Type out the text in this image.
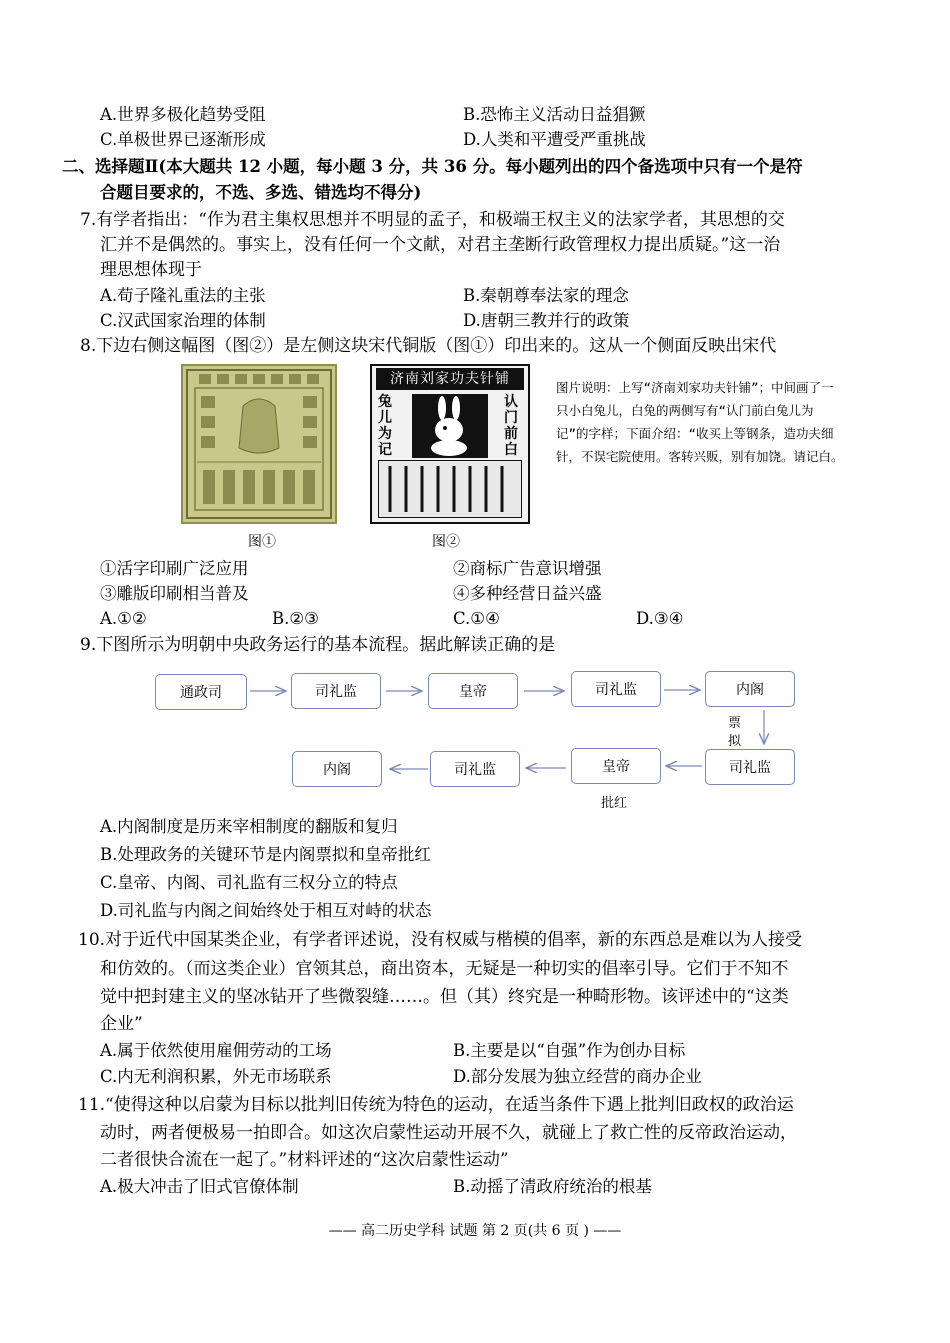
A.世界多极化趋势受阻	B.恐怖主义活动日益猖獗
C.单极世界已逐渐形成	D.人类和平遭受严重挑战
二、选择题Ⅱ(本大题共 12 小题，每小题 3 分，共 36 分。每小题列出的四个备选项中只有一个是符
合题目要求的，不选、多选、错选均不得分)
7.有学者指出：“作为君主集权思想并不明显的孟子，和极端王权主义的法家学者，其思想的交
汇并不是偶然的。事实上，没有任何一个文献，对君主垄断行政管理权力提出质疑。”这一治
理思想体现于
A.荀子隆礼重法的主张	B.秦朝尊奉法家的理念
C.汉武国家治理的体制	D.唐朝三教并行的政策
8.下边右侧这幅图（图②）是左侧这块宋代铜版（图①）印出来的。这从一个侧面反映出宋代
济南刘家功夫针铺
兔儿为记
认门前白
图①	图②
图片说明：上写“济南刘家功夫针铺”；中间画了一只小白兔儿，白兔的两侧写有“认门前白兔儿为记”的字样；下面介绍：“收买上等钢条，造功夫细针，不误宅院使用。客转兴贩，别有加饶。请记白。
①活字印刷广泛应用	②商标广告意识增强
③雕版印刷相当普及	④多种经营日益兴盛
A.①②	B.②③	C.①④	D.③④
9.下图所示为明朝中央政务运行的基本流程。据此解读正确的是
通政司	司礼监	皇帝	司礼监	内阁
票
拟
内阁	司礼监	皇帝	司礼监
批红
A.内阁制度是历来宰相制度的翻版和复归
B.处理政务的关键环节是内阁票拟和皇帝批红
C.皇帝、内阁、司礼监有三权分立的特点
D.司礼监与内阁之间始终处于相互对峙的状态
10.对于近代中国某类企业，有学者评述说，没有权威与楷模的倡率，新的东西总是难以为人接受
和仿效的。（而这类企业）官领其总，商出资本，无疑是一种切实的倡率引导。它们于不知不
觉中把封建主义的坚冰钻开了些微裂缝……。但（其）终究是一种畸形物。该评述中的“这类
企业”
A.属于依然使用雇佣劳动的工场	B.主要是以“自强”作为创办目标
C.内无利润积累，外无市场联系	D.部分发展为独立经营的商办企业
11.“使得这种以启蒙为目标以批判旧传统为特色的运动，在适当条件下遇上批判旧政权的政治运
动时，两者便极易一拍即合。如这次启蒙性运动开展不久，就碰上了救亡性的反帝政治运动，
二者很快合流在一起了。”材料评述的“这次启蒙性运动”
A.极大冲击了旧式官僚体制	B.动摇了清政府统治的根基
—— 高二历史学科 试题 第 2 页(共 6 页 ) ——
